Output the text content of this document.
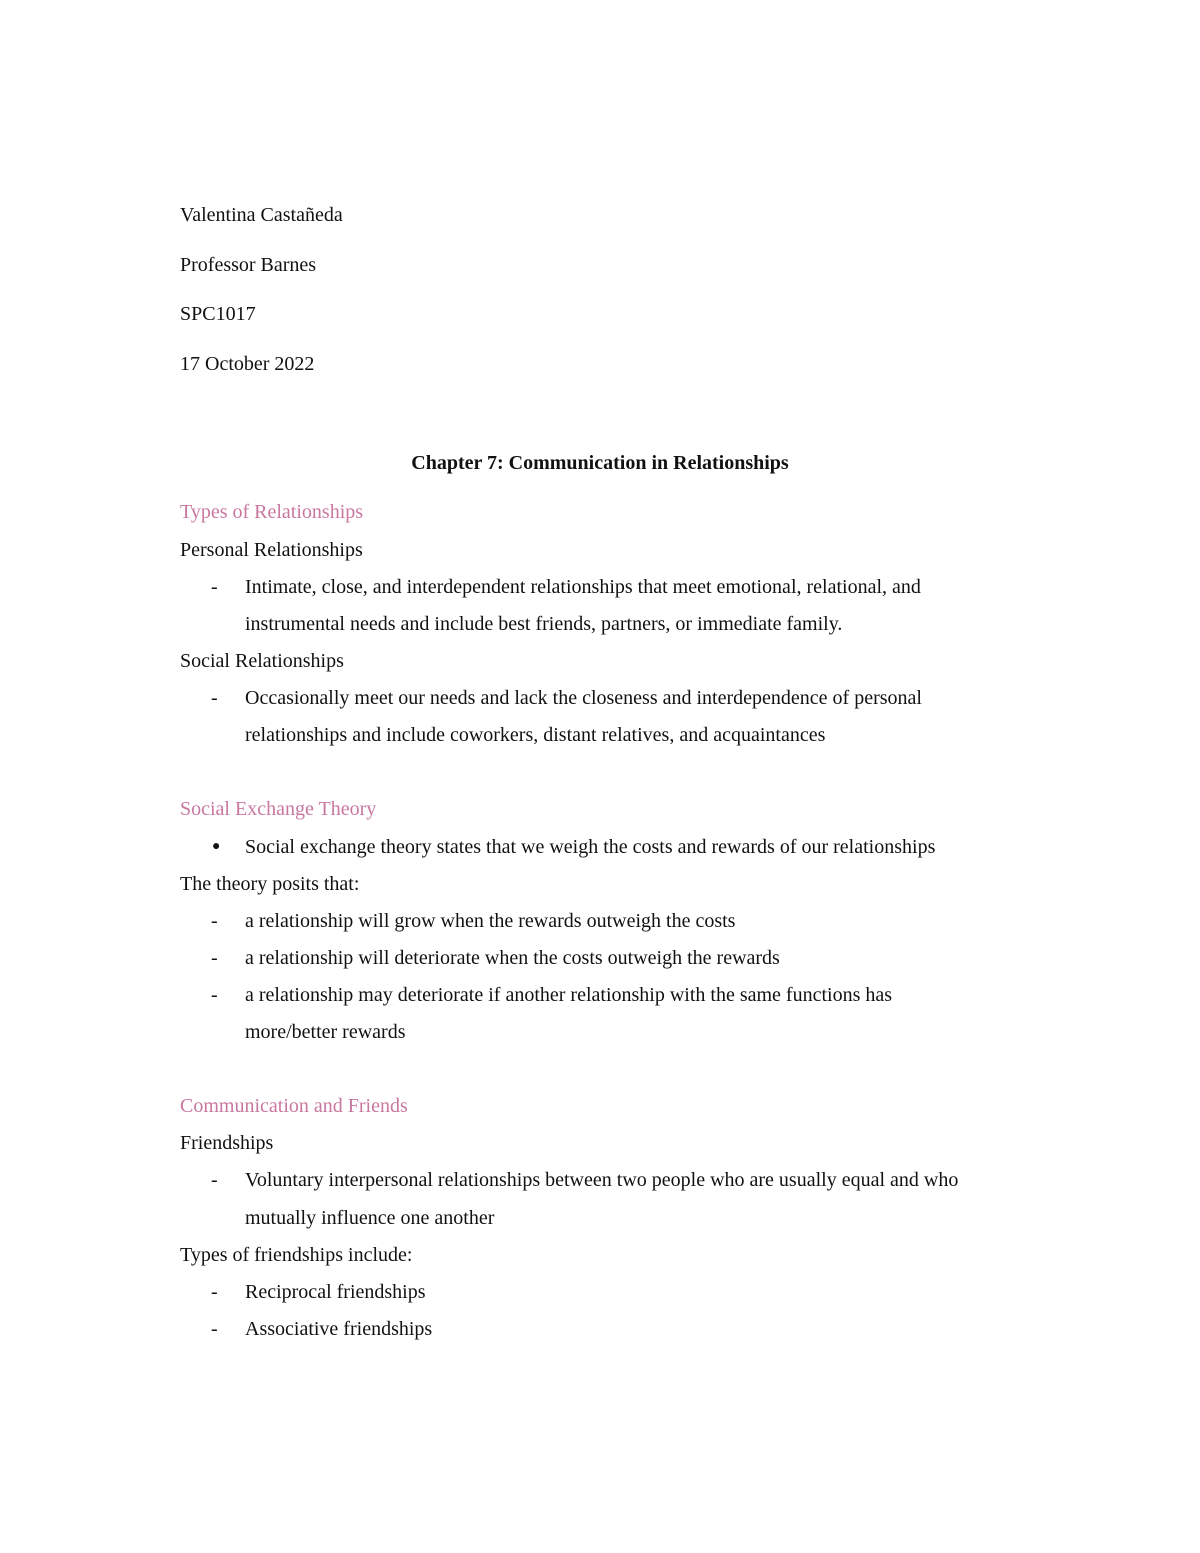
Valentina Castañeda
Professor Barnes
SPC1017
17 October 2022
Chapter 7: Communication in Relationships
Types of Relationships
Personal Relationships
-	Intimate, close, and interdependent relationships that meet emotional, relational, and
instrumental needs and include best friends, partners, or immediate family.
Social Relationships
-	Occasionally meet our needs and lack the closeness and interdependence of personal
relationships and include coworkers, distant relatives, and acquaintances
Social Exchange Theory
● Social exchange theory states that we weigh the costs and rewards of our relationships
The theory posits that:
-	a relationship will grow when the rewards outweigh the costs
-	a relationship will deteriorate when the costs outweigh the rewards
-	a relationship may deteriorate if another relationship with the same functions has
more/better rewards
Communication and Friends
Friendships
-	Voluntary interpersonal relationships between two people who are usually equal and who
mutually influence one another
Types of friendships include:
-	Reciprocal friendships
-	Associative friendships
